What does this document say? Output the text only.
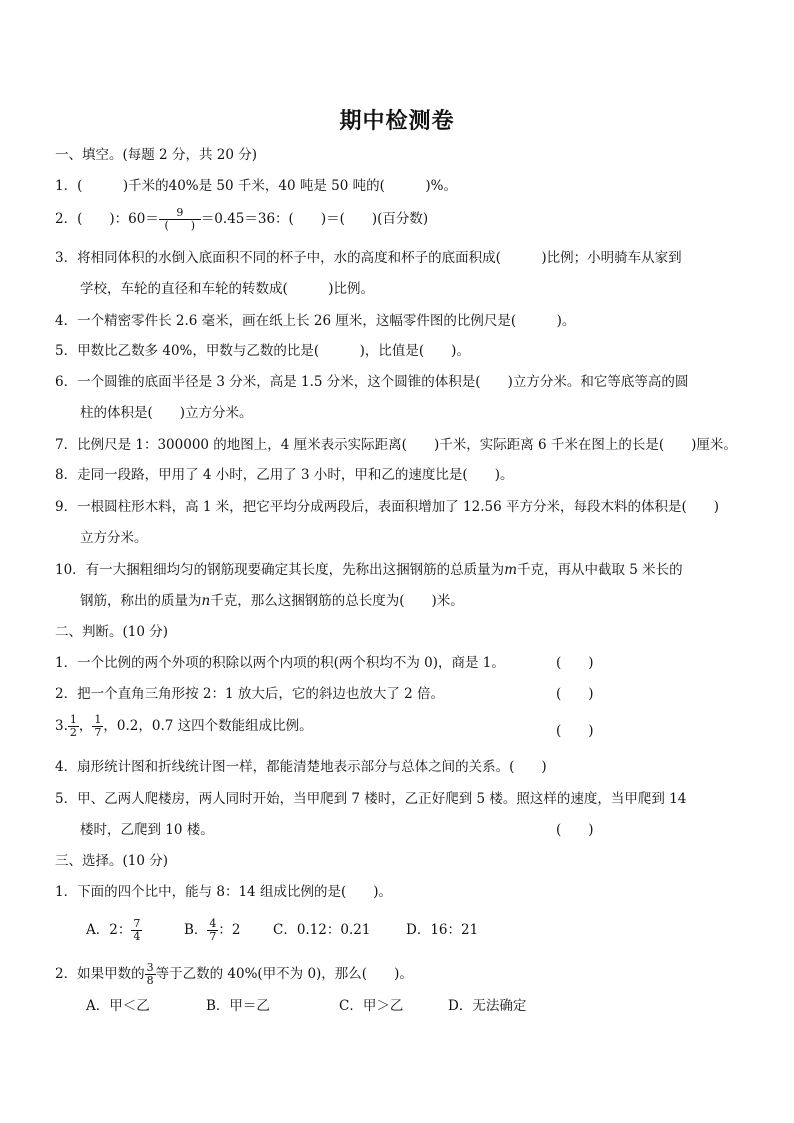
期中检测卷
一、填空。(每题 2 分，共 20 分)
1．(　　　)千米的40%是 50 千米，40 吨是 50 吨的(　　　)%。
2．(　　)：$60= \frac{9}{( )} =0.45=36$：(　　)＝(　　)(百分数)
3．将相同体积的水倒入底面积不同的杯子中，水的高度和杯子的底面积成(　　　)比例；小明骑车从家到
学校，车轮的直径和车轮的转数成(　　　)比例。
4．一个精密零件长 2.6 毫米，画在纸上长 26 厘米，这幅零件图的比例尺是(　　　)。
5．甲数比乙数多 40%，甲数与乙数的比是(　　　)，比值是(　　)。
6．一个圆锥的底面半径是 3 分米，高是 1.5 分米，这个圆锥的体积是(　　)立方分米。和它等底等高的圆
柱的体积是(　　)立方分米。
7．比例尺是 1：300000 的地图上，4 厘米表示实际距离(　　)千米，实际距离 6 千米在图上的长是(　　)厘米。
8．走同一段路，甲用了 4 小时，乙用了 3 小时，甲和乙的速度比是(　　)。
9．一根圆柱形木料，高 1 米，把它平均分成两段后，表面积增加了 12.56 平方分米，每段木料的体积是(　　)
立方分米。
10．有一大捆粗细均匀的钢筋现要确定其长度，先称出这捆钢筋的总质量为m千克，再从中截取 5 米长的
钢筋，称出的质量为n千克，那么这捆钢筋的总长度为(　　)米。
二、判断。(10 分)
1．一个比例的两个外项的积除以两个内项的积(两个积均不为 0)，商是 1。	(　　)
2．把一个直角三角形按 2：1 放大后，它的斜边也放大了 2 倍。	(　　)
3. $\frac{1}{2}$ ， $\frac{1}{7}$ ，0.2，0.7 这四个数能组成比例。	(　　)
4．扇形统计图和折线统计图一样，都能清楚地表示部分与总体之间的关系。(　　)
5．甲、乙两人爬楼房，两人同时开始，当甲爬到 7 楼时，乙正好爬到 5 楼。照这样的速度，当甲爬到 14
楼时，乙爬到 10 楼。	(　　)
三、选择。(10 分)
1．下面的四个比中，能与 8：14 组成比例的是(　　)。
A．2： $\frac{7}{4}$	B． $\frac{4}{7}$ ：2 C．0.12：0.21	D．16：21
2．如果甲数的 $\frac{3}{8}$ 等于乙数的 40%(甲不为 0)，那么(　　)。
A．甲＜乙	B．甲＝乙	C．甲＞乙	D．无法确定
